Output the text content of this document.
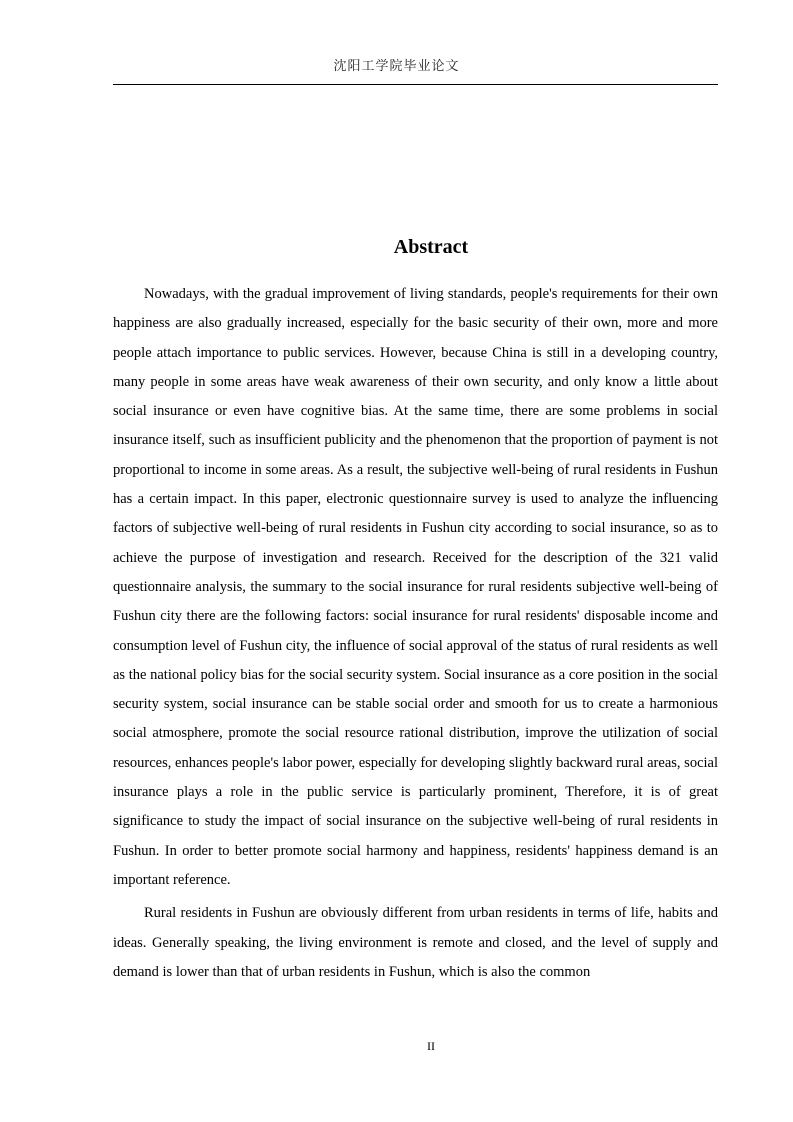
沈阳工学院毕业论文
Abstract

Nowadays, with the gradual improvement of living standards, people's requirements for their own happiness are also gradually increased, especially for the basic security of their own, more and more people attach importance to public services. However, because China is still in a developing country, many people in some areas have weak awareness of their own security, and only know a little about social insurance or even have cognitive bias. At the same time, there are some problems in social insurance itself, such as insufficient publicity and the phenomenon that the proportion of payment is not proportional to income in some areas. As a result, the subjective well-being of rural residents in Fushun has a certain impact. In this paper, electronic questionnaire survey is used to analyze the influencing factors of subjective well-being of rural residents in Fushun city according to social insurance, so as to achieve the purpose of investigation and research. Received for the description of the 321 valid questionnaire analysis, the summary to the social insurance for rural residents subjective well-being of Fushun city there are the following factors: social insurance for rural residents' disposable income and consumption level of Fushun city, the influence of social approval of the status of rural residents as well as the national policy bias for the social security system. Social insurance as a core position in the social security system, social insurance can be stable social order and smooth for us to create a harmonious social atmosphere, promote the social resource rational distribution, improve the utilization of social resources, enhances people's labor power, especially for developing slightly backward rural areas, social insurance plays a role in the public service is particularly prominent, Therefore, it is of great significance to study the impact of social insurance on the subjective well-being of rural residents in Fushun. In order to better promote social harmony and happiness, residents' happiness demand is an important reference.

Rural residents in Fushun are obviously different from urban residents in terms of life, habits and ideas. Generally speaking, the living environment is remote and closed, and the level of supply and demand is lower than that of urban residents in Fushun, which is also the common

II
